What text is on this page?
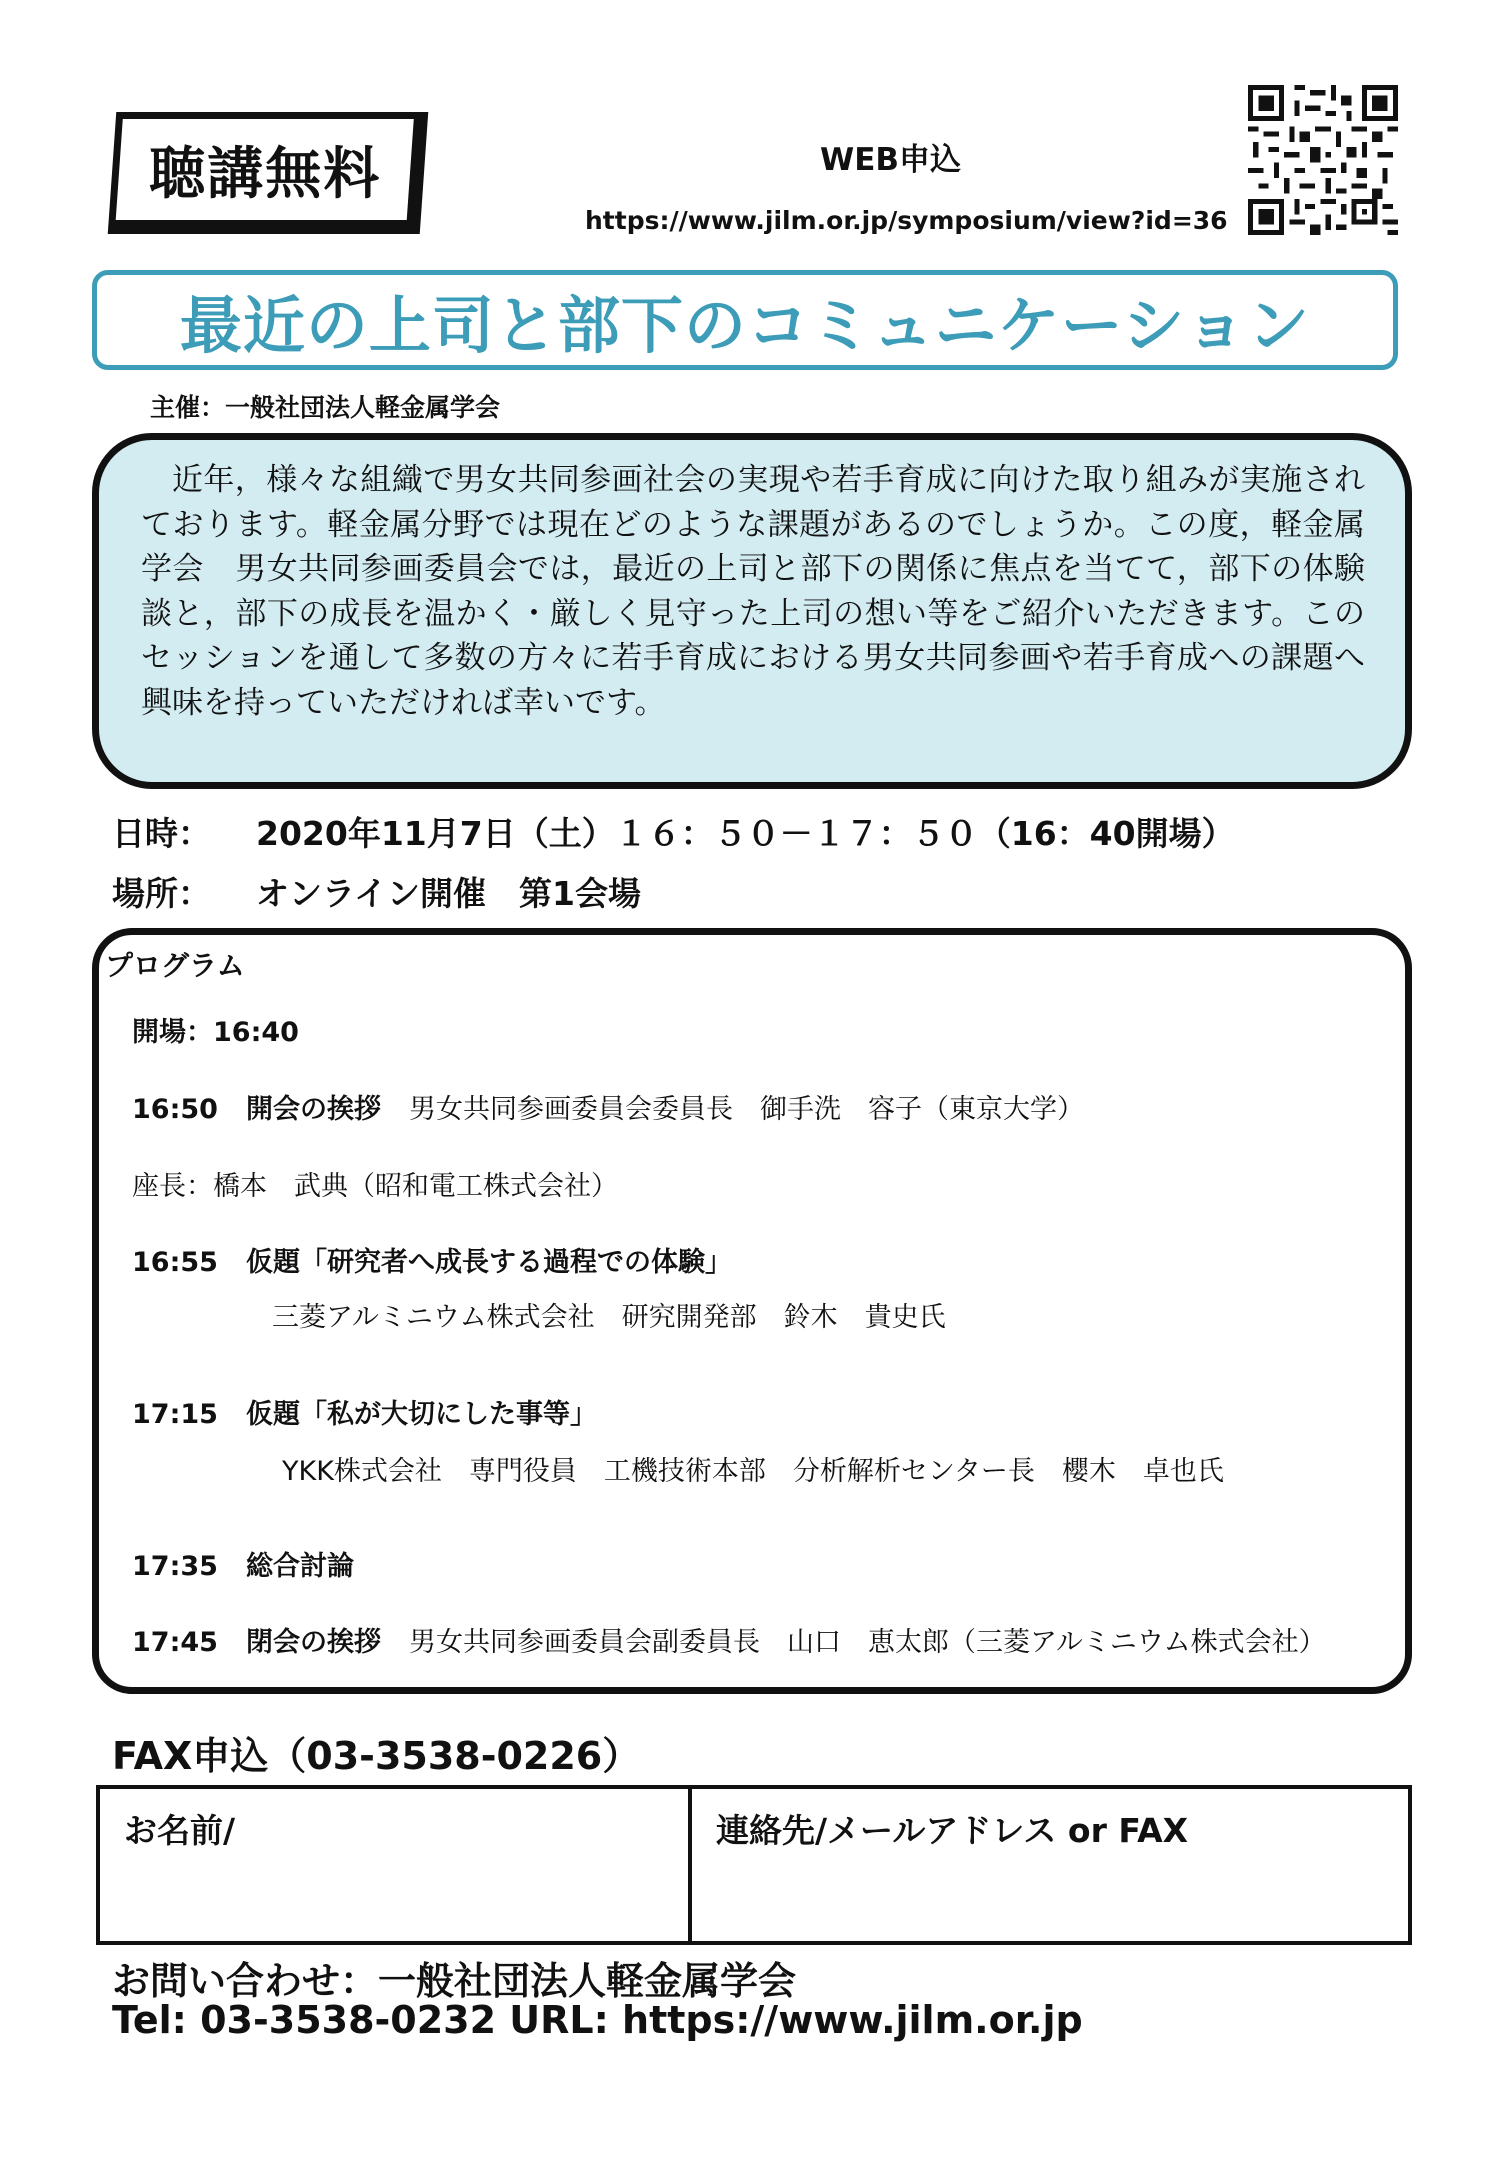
聴講無料	WEB申込
https://www.jilm.or.jp/symposium/view?id=36
最近の上司と部下のコミュニケーション
主催：一般社団法人軽金属学会

近年，様々な組織で男女共同参画社会の実現や若手育成に向けた取り組みが実施されております。軽金属分野では現在どのような課題があるのでしょうか。この度，軽金属学会　男女共同参画委員会では，最近の上司と部下の関係に焦点を当てて，部下の体験談と，部下の成長を温かく・厳しく見守った上司の想い等をご紹介いただきます。このセッションを通して多数の方々に若手育成における男女共同参画や若手育成への課題へ興味を持っていただければ幸いです。

日時： 2020年11月7日（土）１６：５０－１７：５０（16：40開場）
場所： オンライン開催　第1会場
プログラム
開場：16:40
16:50 開会の挨拶 男女共同参画委員会委員長　御手洗　容子（東京大学）
座長：橋本　武典（昭和電工株式会社）
16:55 仮題「研究者へ成長する過程での体験」
三菱アルミニウム株式会社　研究開発部　鈴木　貴史氏
17:15 仮題「私が大切にした事等」
YKK株式会社　専門役員　工機技術本部　分析解析センター長　櫻木　卓也氏
17:35 総合討論
17:45 閉会の挨拶 男女共同参画委員会副委員長　山口　恵太郎（三菱アルミニウム株式会社）
FAX申込（03-3538-0226）
お名前/	連絡先/メールアドレス or FAX
お問い合わせ：一般社団法人軽金属学会
Tel: 03-3538-0232 URL: https://www.jilm.or.jp
